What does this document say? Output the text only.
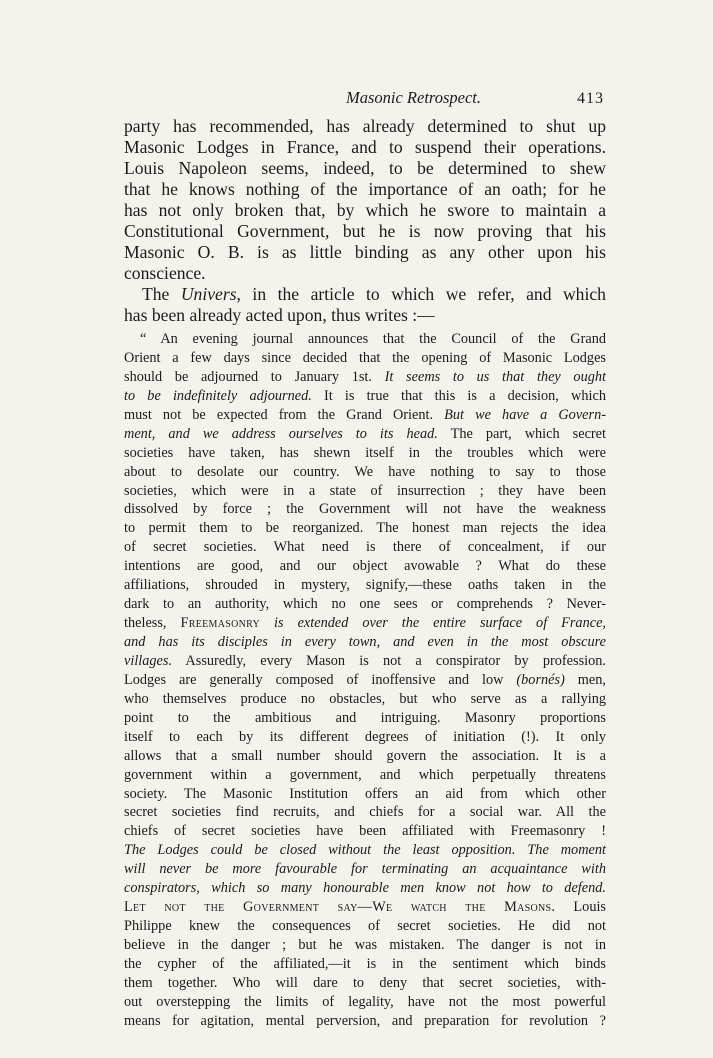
Masonic Retrospect.	413
party has recommended, has already determined to shut up
Masonic Lodges in France, and to suspend their operations.
Louis Napoleon seems, indeed, to be determined to shew
that he knows nothing of the importance of an oath; for he
has not only broken that, by which he swore to maintain a
Constitutional Government, but he is now proving that his
Masonic O. B. is as little binding as any other upon his
conscience.
The Univers, in the article to which we refer, and which
has been already acted upon, thus writes :—
“ An evening journal announces that the Council of the Grand
Orient a few days since decided that the opening of Masonic Lodges
should be adjourned to January 1st. It seems to us that they ought
to be indefinitely adjourned. It is true that this is a decision, which
must not be expected from the Grand Orient. But we have a Govern-
ment, and we address ourselves to its head. The part, which secret
societies have taken, has shewn itself in the troubles which were
about to desolate our country. We have nothing to say to those
societies, which were in a state of insurrection ; they have been
dissolved by force ; the Government will not have the weakness
to permit them to be reorganized. The honest man rejects the idea
of secret societies. What need is there of concealment, if our
intentions are good, and our object avowable ? What do these
affiliations, shrouded in mystery, signify,—these oaths taken in the
dark to an authority, which no one sees or comprehends ? Never-
theless, Freemasonry is extended over the entire surface of France,
and has its disciples in every town, and even in the most obscure
villages. Assuredly, every Mason is not a conspirator by profession.
Lodges are generally composed of inoffensive and low (bornés) men,
who themselves produce no obstacles, but who serve as a rallying
point to the ambitious and intriguing. Masonry proportions
itself to each by its different degrees of initiation (!). It only
allows that a small number should govern the association. It is a
government within a government, and which perpetually threatens
society. The Masonic Institution offers an aid from which other
secret societies find recruits, and chiefs for a social war. All the
chiefs of secret societies have been affiliated with Freemasonry !
The Lodges could be closed without the least opposition. The moment
will never be more favourable for terminating an acquaintance with
conspirators, which so many honourable men know not how to defend.
Let not the Government say—We watch the Masons. Louis
Philippe knew the consequences of secret societies. He did not
believe in the danger ; but he was mistaken. The danger is not in
the cypher of the affiliated,—it is in the sentiment which binds
them together. Who will dare to deny that secret societies, with-
out overstepping the limits of legality, have not the most powerful
means for agitation, mental perversion, and preparation for revolution ?
